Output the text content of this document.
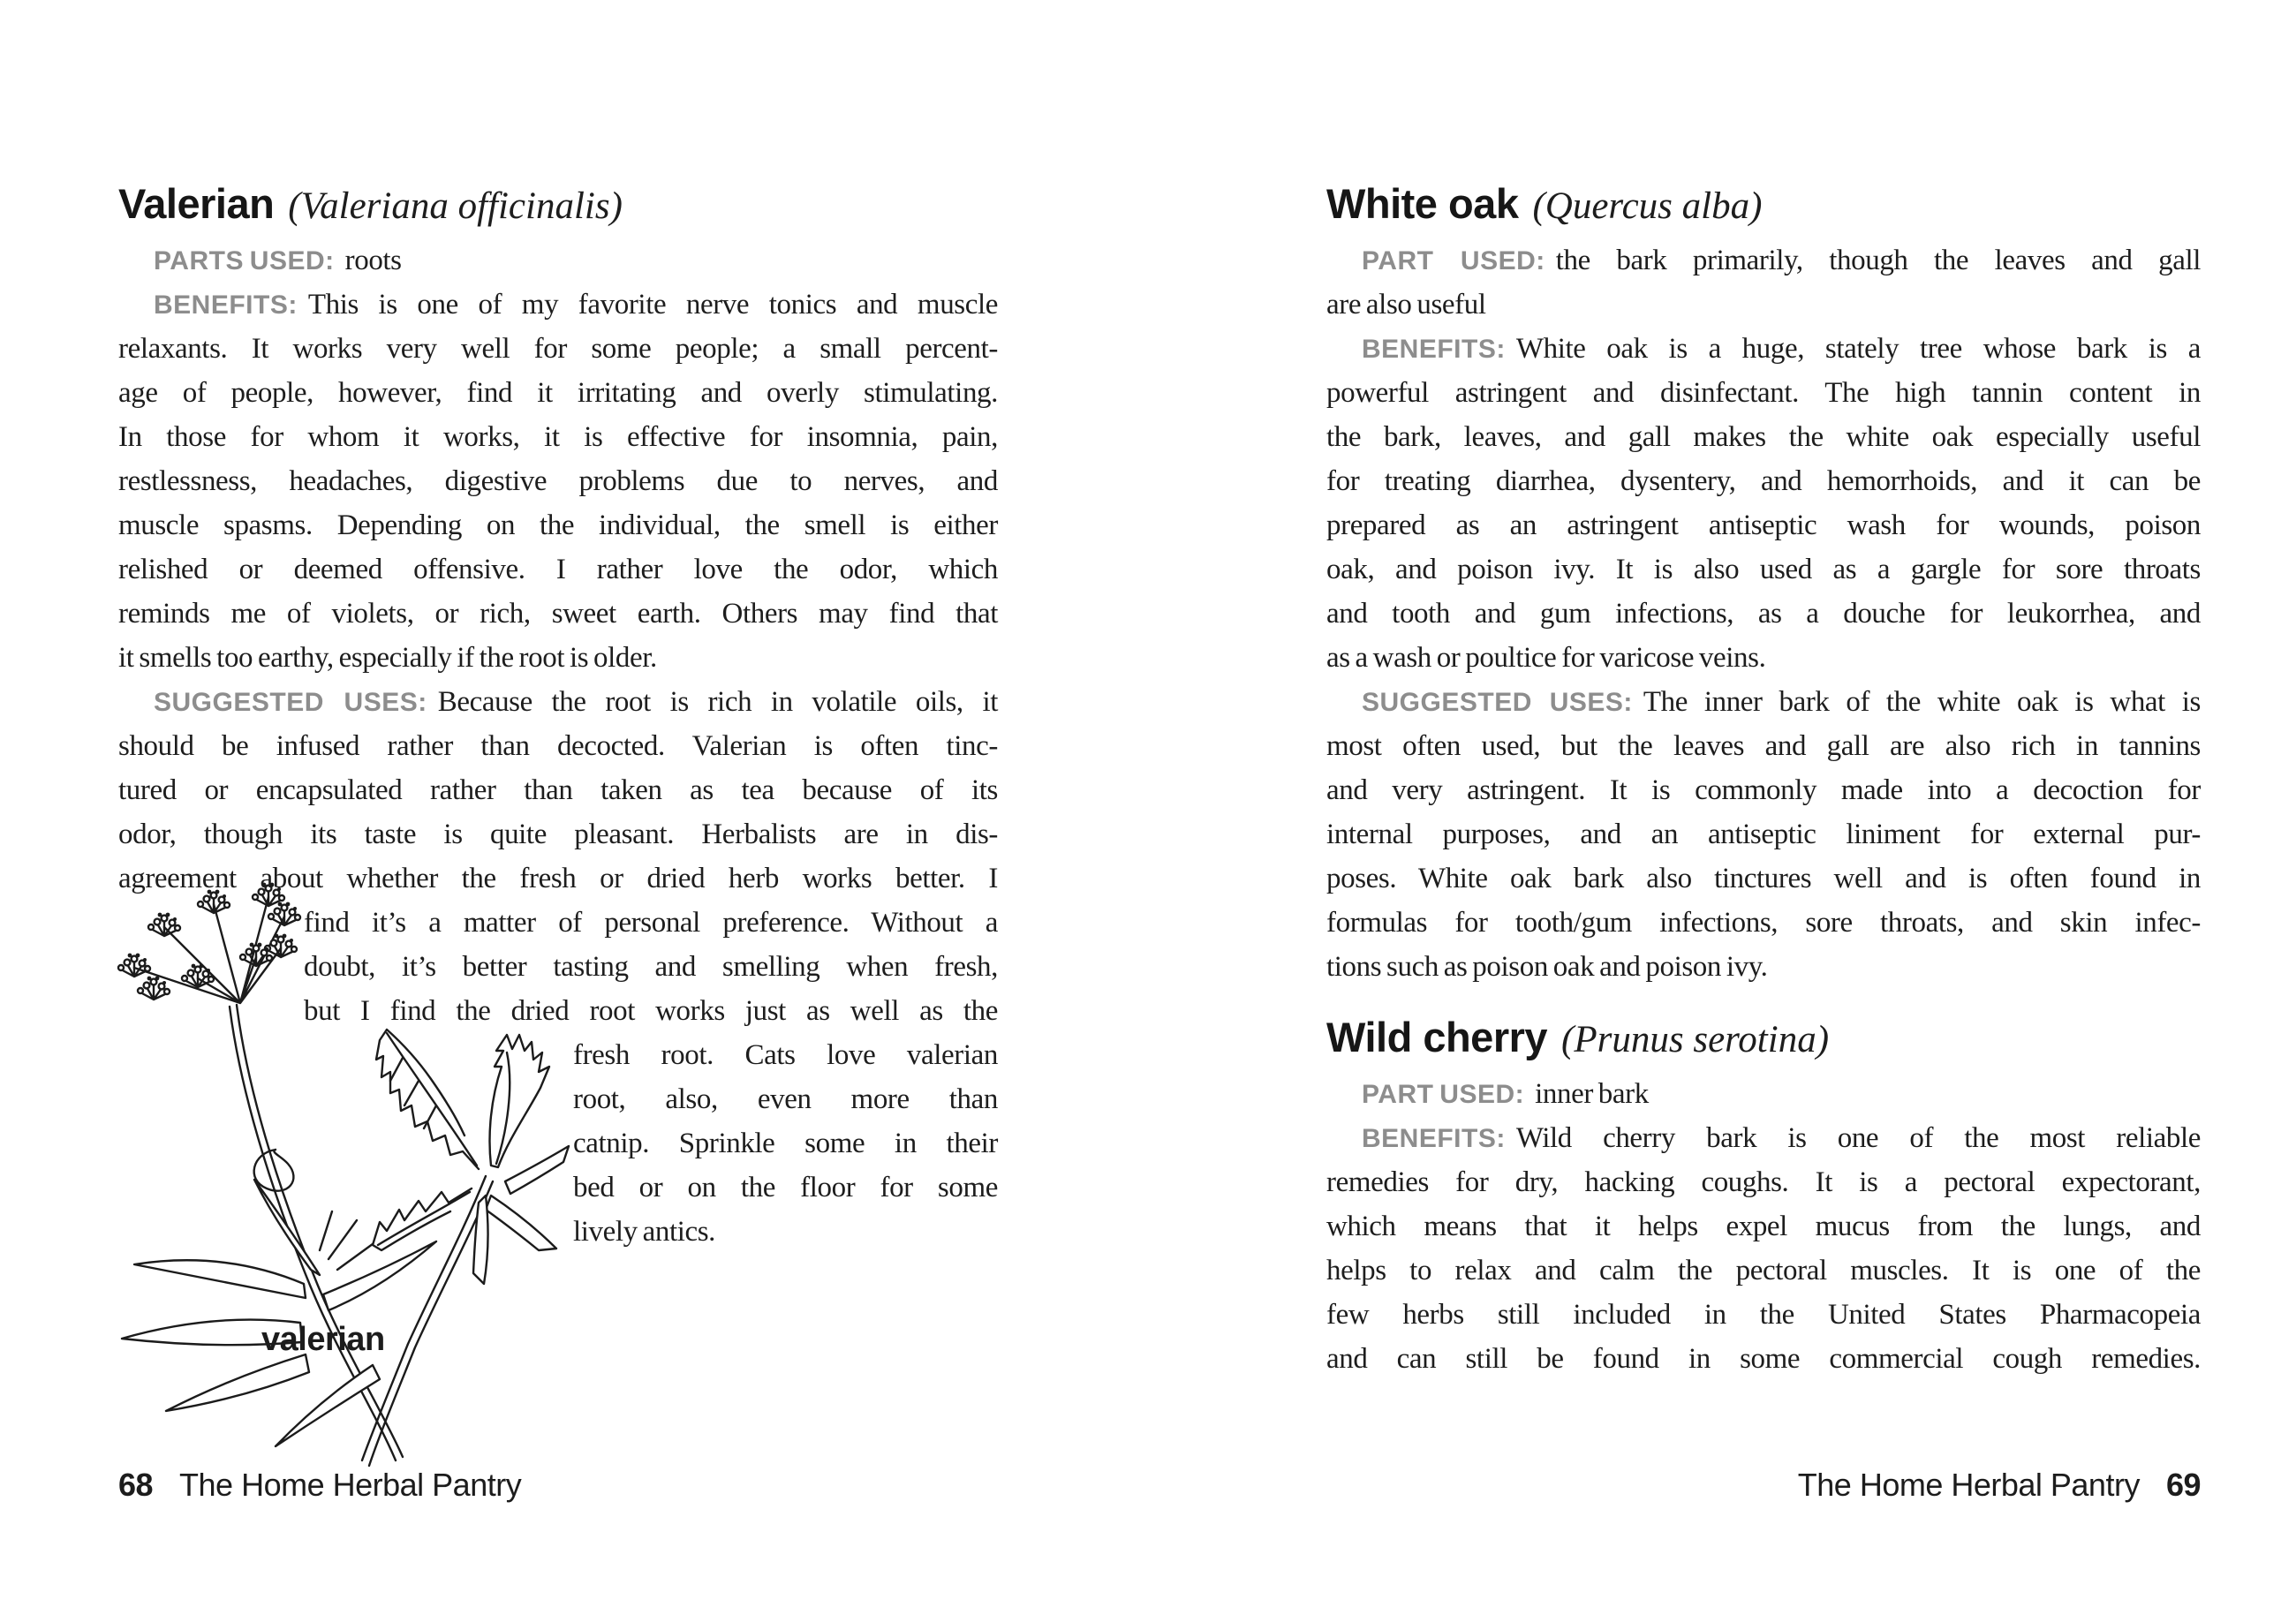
valerian
Valerian (Valeriana officinalis)
PARTS USED: roots
BENEFITS: This is one of my favorite nerve tonics and muscle
relaxants. It works very well for some people; a small percent-
age of people, however, find it irritating and overly stimulating.
In those for whom it works, it is effective for insomnia, pain,
restlessness, headaches, digestive problems due to nerves, and
muscle spasms. Depending on the individual, the smell is either
relished or deemed offensive. I rather love the odor, which
reminds me of violets, or rich, sweet earth. Others may find that
it smells too earthy, especially if the root is older.
SUGGESTED USES: Because the root is rich in volatile oils, it
should be infused rather than decocted. Valerian is often tinc-
tured or encapsulated rather than taken as tea because of its
odor, though its taste is quite pleasant. Herbalists are in dis-
agreement about whether the fresh or dried herb works better. I
find it’s a matter of personal preference. Without a
doubt, it’s better tasting and smelling when fresh,
but I find the dried root works just as well as the
fresh root. Cats love valerian
root, also, even more than
catnip. Sprinkle some in their
bed or on the floor for some
lively antics.
White oak (Quercus alba)
PART USED: the bark primarily, though the leaves and gall
are also useful
BENEFITS: White oak is a huge, stately tree whose bark is a
powerful astringent and disinfectant. The high tannin content in
the bark, leaves, and gall makes the white oak especially useful
for treating diarrhea, dysentery, and hemorrhoids, and it can be
prepared as an astringent antiseptic wash for wounds, poison
oak, and poison ivy. It is also used as a gargle for sore throats
and tooth and gum infections, as a douche for leukorrhea, and
as a wash or poultice for varicose veins.
SUGGESTED USES: The inner bark of the white oak is what is
most often used, but the leaves and gall are also rich in tannins
and very astringent. It is commonly made into a decoction for
internal purposes, and an antiseptic liniment for external pur-
poses. White oak bark also tinctures well and is often found in
formulas for tooth/gum infections, sore throats, and skin infec-
tions such as poison oak and poison ivy.
Wild cherry (Prunus serotina)
PART USED: inner bark
BENEFITS: Wild cherry bark is one of the most reliable
remedies for dry, hacking coughs. It is a pectoral expectorant,
which means that it helps expel mucus from the lungs, and
helps to relax and calm the pectoral muscles. It is one of the
few herbs still included in the United States Pharmacopeia
and can still be found in some commercial cough remedies.
68 The Home Herbal Pantry	The Home Herbal Pantry 69
